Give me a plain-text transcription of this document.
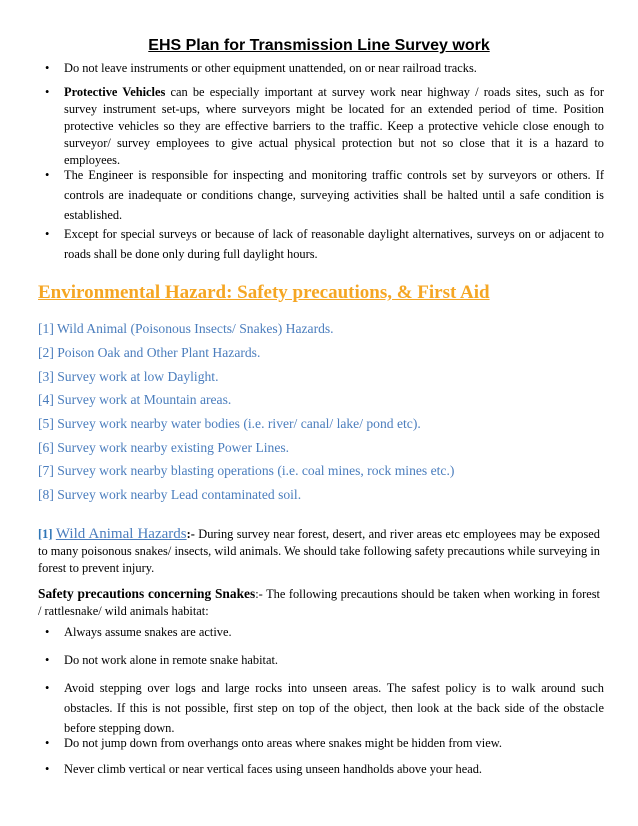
EHS Plan for Transmission Line Survey work
• Do not leave instruments or other equipment unattended, on or near railroad tracks.
• Protective Vehicles can be especially important at survey work near highway / roads sites, such as for survey instrument set-ups, where surveyors might be located for an extended period of time. Position protective vehicles so they are effective barriers to the traffic. Keep a protective vehicle close enough to surveyor/ survey employees to give actual physical protection but not so close that it is a hazard to employees.
• The Engineer is responsible for inspecting and monitoring traffic controls set by surveyors or others. If controls are inadequate or conditions change, surveying activities shall be halted until a safe condition is established.
• Except for special surveys or because of lack of reasonable daylight alternatives, surveys on or adjacent to roads shall be done only during full daylight hours.
Environmental Hazard: Safety precautions, & First Aid
[1] Wild Animal (Poisonous Insects/ Snakes) Hazards.
[2] Poison Oak and Other Plant Hazards.
[3] Survey work at low Daylight.
[4] Survey work at Mountain areas.
[5] Survey work nearby water bodies (i.e. river/ canal/ lake/ pond etc).
[6] Survey work nearby existing Power Lines.
[7] Survey work nearby blasting operations (i.e. coal mines, rock mines etc.)
[8] Survey work nearby Lead contaminated soil.
[1] Wild Animal Hazards:- During survey near forest, desert, and river areas etc employees may be exposed to many poisonous snakes/ insects, wild animals. We should take following safety precautions while surveying in forest to prevent injury.
Safety precautions concerning Snakes:- The following precautions should be taken when working in forest / rattlesnake/ wild animals habitat:
• Always assume snakes are active.
• Do not work alone in remote snake habitat.
• Avoid stepping over logs and large rocks into unseen areas. The safest policy is to walk around such obstacles. If this is not possible, first step on top of the object, then look at the back side of the obstacle before stepping down.
• Do not jump down from overhangs onto areas where snakes might be hidden from view.
• Never climb vertical or near vertical faces using unseen handholds above your head.
